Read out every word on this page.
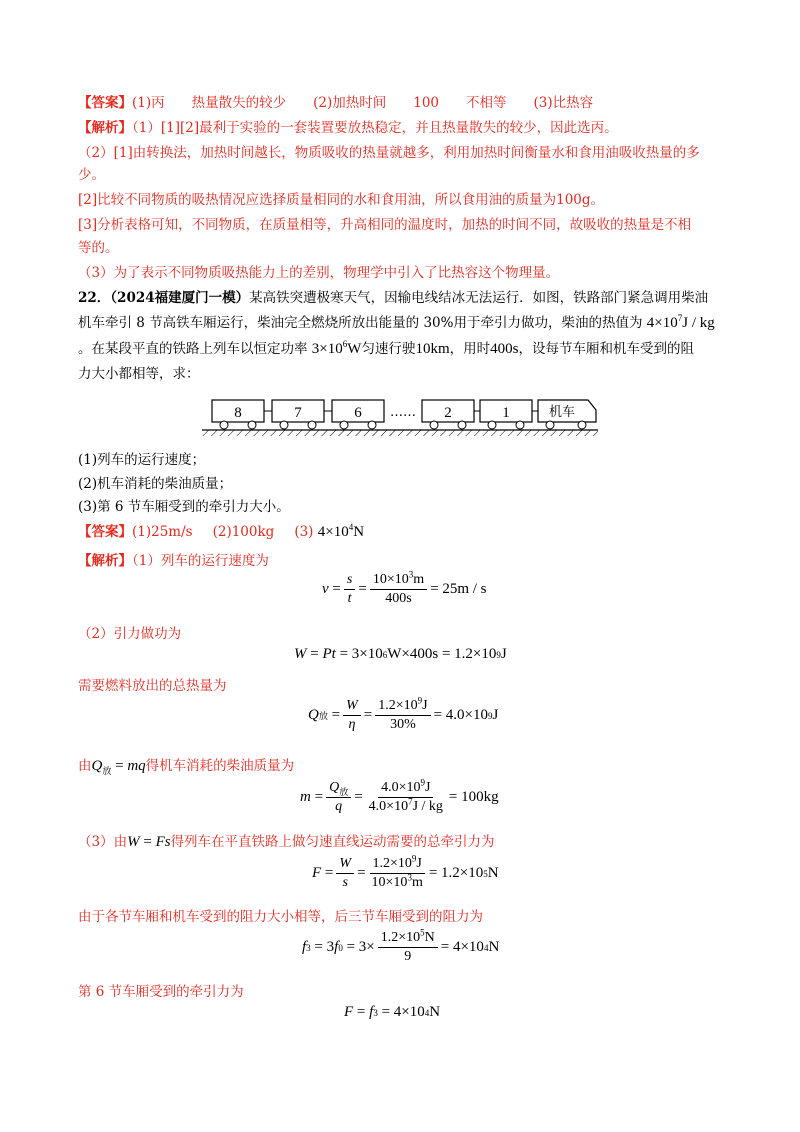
【答案】(1)丙　　热量散失的较少　　(2)加热时间　　100　　不相等　　(3)比热容
【解析】（1）[1][2]最利于实验的一套装置要放热稳定，并且热量散失的较少，因此选丙。
（2）[1]由转换法，加热时间越长，物质吸收的热量就越多，利用加热时间衡量水和食用油吸收热量的多
少。
[2]比较不同物质的吸热情况应选择质量相同的水和食用油，所以食用油的质量为100g。
[3]分析表格可知，不同物质，在质量相等，升高相同的温度时，加热的时间不同，故吸收的热量是不相
等的。
（3）为了表示不同物质吸热能力上的差别，物理学中引入了比热容这个物理量。
22．（2024福建厦门一模）某高铁突遭极寒天气，因输电线结冰无法运行．如图，铁路部门紧急调用柴油
机车牵引 8 节高铁车厢运行，柴油完全燃烧所放出能量的 30%用于牵引力做功，柴油的热值为 $4\times 10^7J$ / kg
。在某段平直的铁路上列车以恒定功率 $3\times 10^6W$匀速行驶10km，用时400s，设每节车厢和机车受到的阻
力大小都相等，求：
8	7	6 …… 2	1	机车
(1)列车的运行速度；
(2)机车消耗的柴油质量；
(3)第 6 节车厢受到的牵引力大小。
【答案】(1)25m/s (2)100kg (3) $4\times 10^4N$
【解析】（1）列车的运行速度为
$v = \frac{s}{t} = \frac{10\times 10^3m}{400s} = 25m / s$
（2）引力做功为
W = Pt = 3×10 6 W×400s = 1.2×10 9 J
需要燃料放出的总热量为
Q 放 = $\frac{W}{\eta} = \frac{1.2\times 10^9J}{30\%} = 4.0\times 10$ 9 J
由$Q_放$ = mq得机车消耗的柴油质量为
$m = \frac{Q_放}{q} = \frac{4.0\times 10^9J}{4.0\times 10^7J / kg} = 100kg$
（3）由W = Fs得列车在平直铁路上做匀速直线运动需要的总牵引力为
$F = \frac{W}{s} = \frac{1.2\times 10^9J}{10\times 10^3m} = 1.2\times 10$ 5 N
由于各节车厢和机车受到的阻力大小相等，后三节车厢受到的阻力为
f 3 = 3 f $0 = 3\times \frac{1.2\times 10^5N}{9} = 4\times 10$ 4 N
第 6 节车厢受到的牵引力为
F = f 3 = 4×10 4 N
